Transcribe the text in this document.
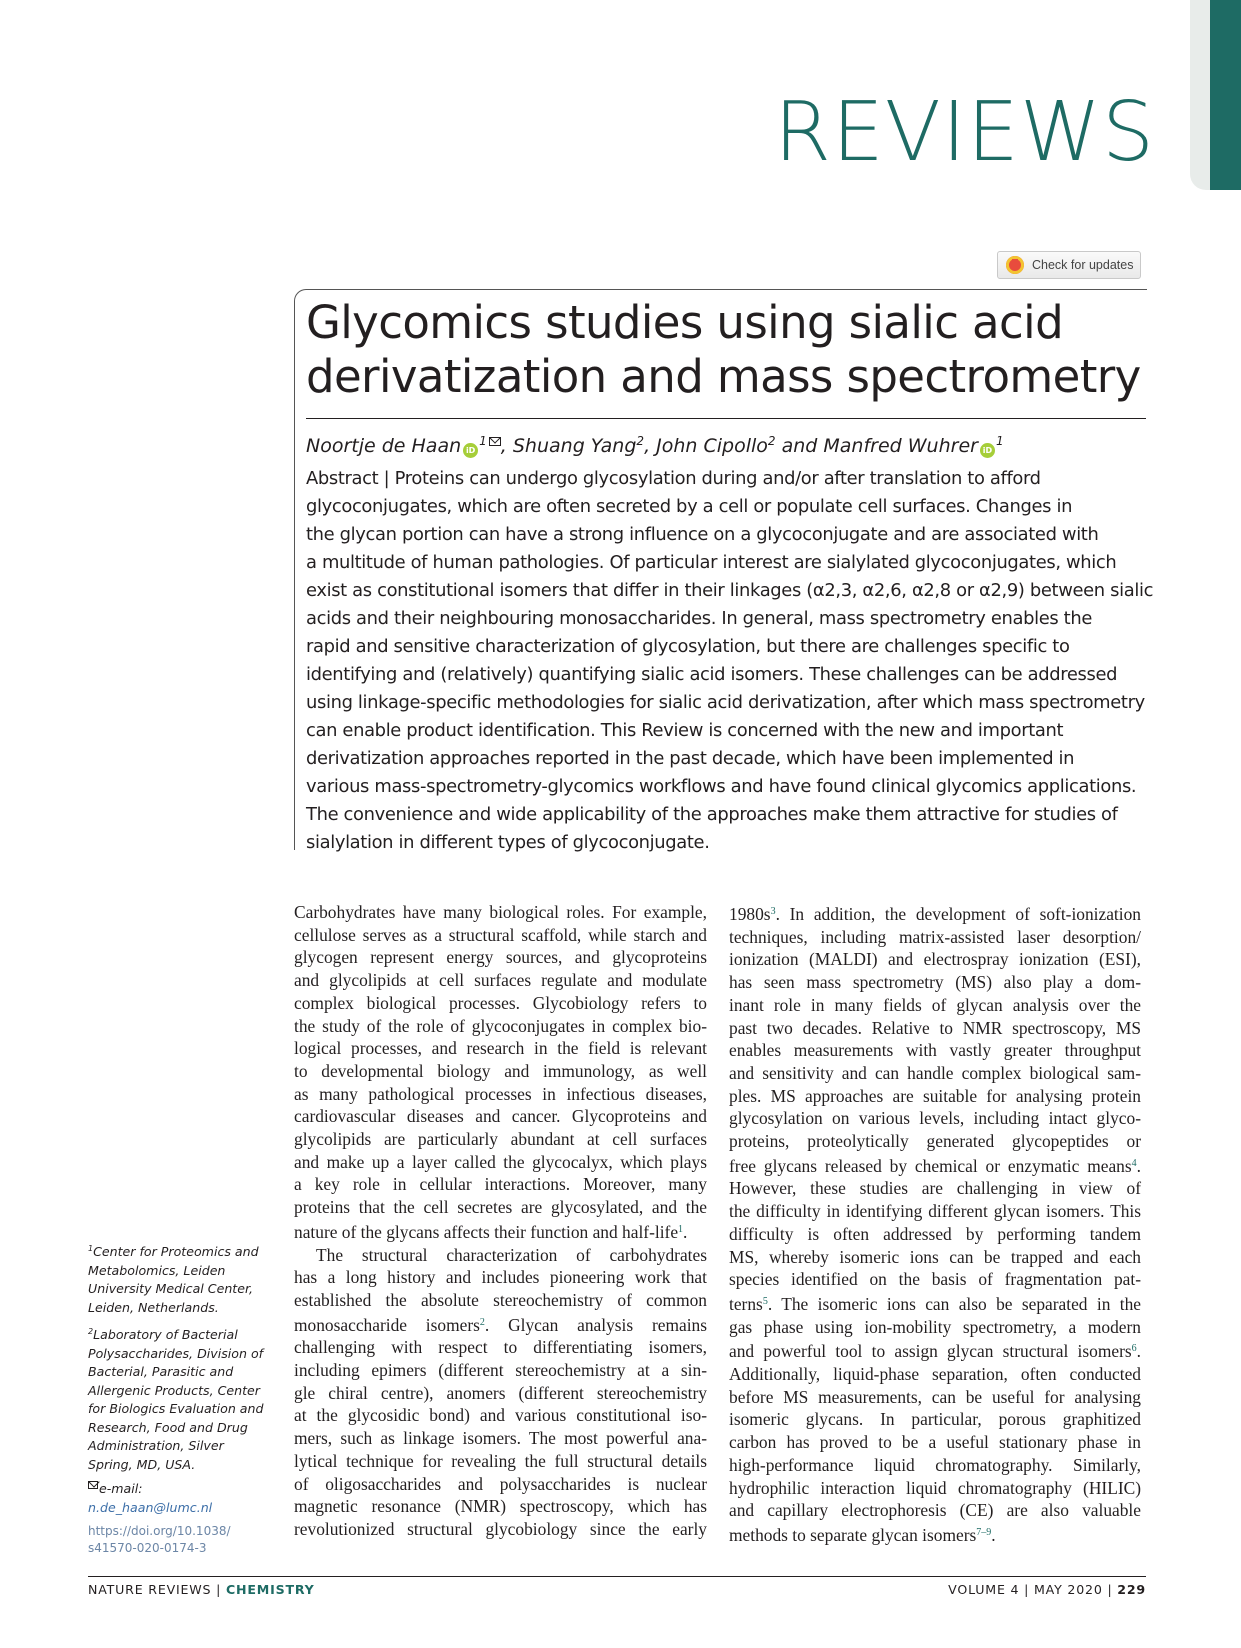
REVIEWS
Check for updates
Glycomics studies using sialic acid
derivatization and mass spectrometry
Noortje de Haan iD$^1$ , Shuang Yang$^2$, John Cipollo$^2$ and Manfred Wuhrer iD$^1$
Abstract | Proteins can undergo glycosylation during and/or after translation to afford
glycoconjugates, which are often secreted by a cell or populate cell surfaces. Changes in
the glycan portion can have a strong influence on a glycoconjugate and are associated with
a multitude of human pathologies. Of particular interest are sialylated glycoconjugates, which
exist as constitutional isomers that differ in their linkages (α2,3, α2,6, α2,8 or α2,9) between sialic
acids and their neighbouring monosaccharides. In general, mass spectrometry enables the
rapid and sensitive characterization of glycosylation, but there are challenges specific to
identifying and (relatively) quantifying sialic acid isomers. These challenges can be addressed
using linkage-specific methodologies for sialic acid derivatization, after which mass spectrometry
can enable product identification. This Review is concerned with the new and important
derivatization approaches reported in the past decade, which have been implemented in
various mass-spectrometry-glycomics workflows and have found clinical glycomics applications.
The convenience and wide applicability of the approaches make them attractive for studies of
sialylation in different types of glycoconjugate.

Carbohydrates have many biological roles. For example,

cellulose serves as a structural scaffold, while starch and

glycogen represent energy sources, and glycoproteins

and glycolipids at cell surfaces regulate and modulate

complex biological processes. Glycobiology refers to

the study of the role of glycoconjugates in complex bio-

logical processes, and research in the field is relevant

to developmental biology and immunology, as well

as many pathological processes in infectious diseases,

cardiovascular diseases and cancer. Glycoproteins and

glycolipids are particularly abundant at cell surfaces

and make up a layer called the glycocalyx, which plays

a key role in cellular interactions. Moreover, many

proteins that the cell secretes are glycosylated, and the

nature of the glycans affects their function and half-life$^1$.

The structural characterization of carbohydrates

has a long history and includes pioneering work that

established the absolute stereochemistry of common

monosaccharide isomers$^2$. Glycan analysis remains

challenging with respect to differentiating isomers,

including epimers (different stereochemistry at a sin-

gle chiral centre), anomers (different stereochemistry

at the glycosidic bond) and various constitutional iso-

mers, such as linkage isomers. The most powerful ana-

lytical technique for revealing the full structural details

of oligosaccharides and polysaccharides is nuclear

magnetic resonance (NMR) spectroscopy, which has

revolutionized structural glycobiology since the early

$1980s^3$. In addition, the development of soft-ionization

techniques, including matrix-assisted laser desorption/

ionization (MALDI) and electrospray ionization (ESI),

has seen mass spectrometry (MS) also play a dom-

inant role in many fields of glycan analysis over the

past two decades. Relative to NMR spectroscopy, MS

enables measurements with vastly greater throughput

and sensitivity and can handle complex biological sam-

ples. MS approaches are suitable for analysing protein

glycosylation on various levels, including intact glyco-

proteins, proteolytically generated glycopeptides or

free glycans released by chemical or enzymatic means$^4$.

However, these studies are challenging in view of

the difficulty in identifying different glycan isomers. This

difficulty is often addressed by performing tandem

MS, whereby isomeric ions can be trapped and each

species identified on the basis of fragmentation pat-

terns$^5$. The isomeric ions can also be separated in the

gas phase using ion-mobility spectrometry, a modern

and powerful tool to assign glycan structural isomers$^6$.

Additionally, liquid-phase separation, often conducted

before MS measurements, can be useful for analysing

isomeric glycans. In particular, porous graphitized

carbon has proved to be a useful stationary phase in

high-performance liquid chromatography. Similarly,

hydrophilic interaction liquid chromatography (HILIC)

and capillary electrophoresis (CE) are also valuable

methods to separate glycan isomers$^{7-9}$.

$^1$Center for Proteomics and Metabolomics, Leiden University Medical Center, Leiden, Netherlands.

$^2$Laboratory of Bacterial Polysaccharides, Division of Bacterial, Parasitic and Allergenic Products, Center for Biologics Evaluation and Research, Food and Drug Administration, Silver Spring, MD, USA.

e-mail: n.de_haan@lumc.nl

https://doi.org/10.1038/ s41570-020-0174-3
NATURE REVIEWS | CHEMISTRY	VOLUME 4 | MAY 2020 | 229
